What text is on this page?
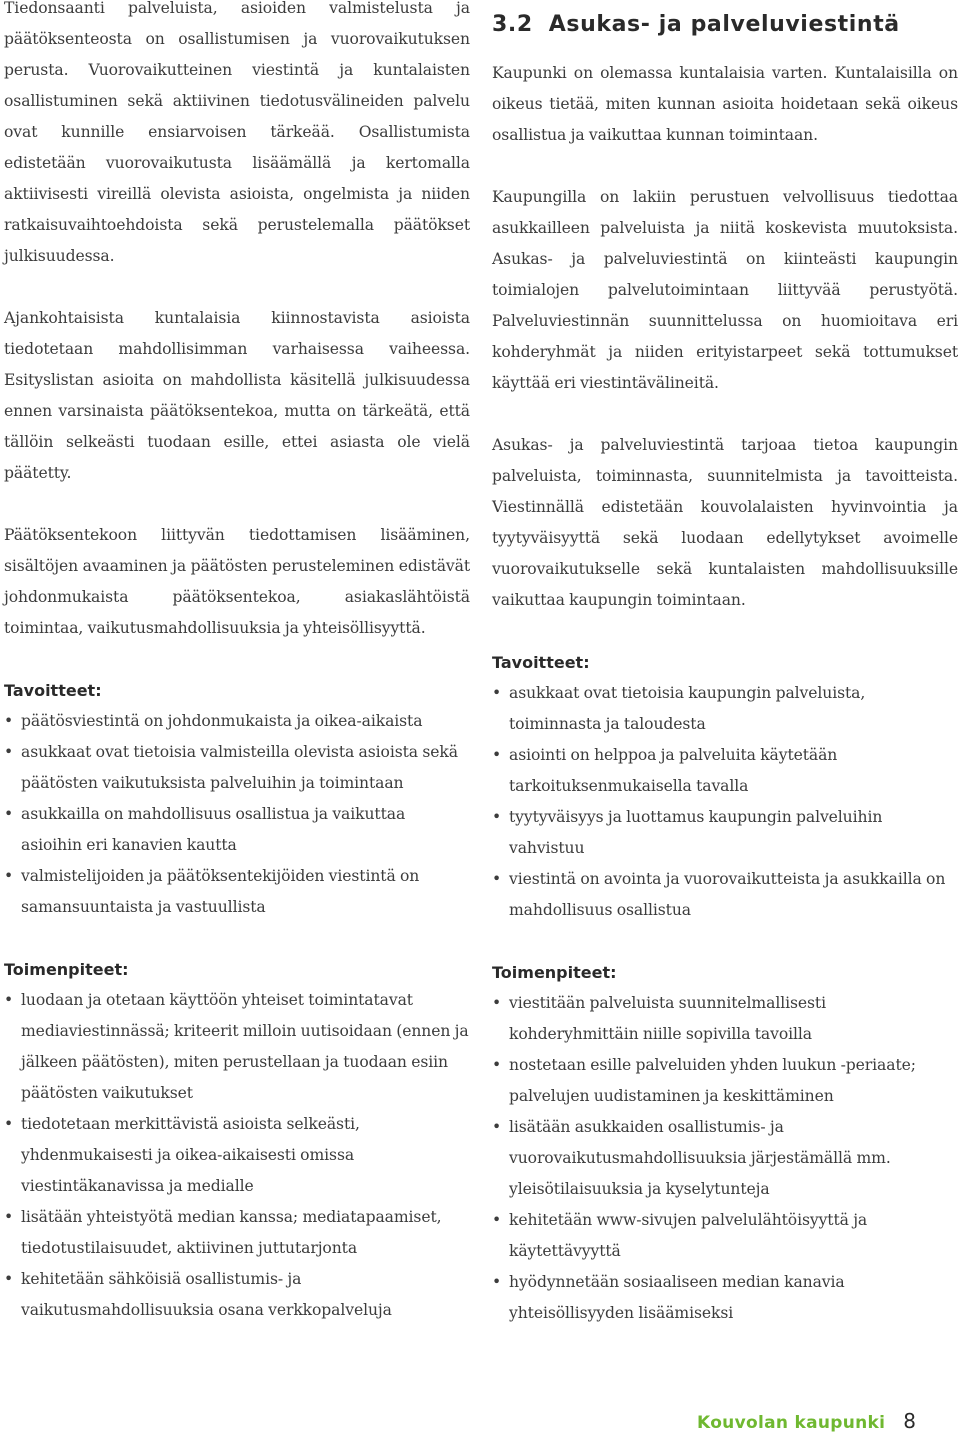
Tiedonsaanti palveluista, asioiden valmistelusta ja päätöksenteosta on osallistumisen ja vuorovaikutuksen perusta. Vuorovaikutteinen viestintä ja kuntalaisten osallistuminen sekä aktiivinen tiedotusvälineiden palvelu ovat kunnille ensiarvoisen tärkeää. Osallistumista edistetään vuorovaikutusta lisäämällä ja kertomalla aktiivisesti vireillä olevista asioista, ongelmista ja niiden ratkaisuvaihtoehdoista sekä perustelemalla päätökset julkisuudessa.

Ajankohtaisista kuntalaisia kiinnostavista asioista tiedotetaan mahdollisimman varhaisessa vaiheessa. Esityslistan asioita on mahdollista käsitellä julkisuudessa ennen varsinaista päätöksentekoa, mutta on tärkeätä, että tällöin selkeästi tuodaan esille, ettei asiasta ole vielä päätetty.

Päätöksentekoon liittyvän tiedottamisen lisääminen, sisältöjen avaaminen ja päätösten perusteleminen edistävät johdonmukaista päätöksentekoa, asiakaslähtöistä toimintaa, vaikutusmahdollisuuksia ja yhteisöllisyyttä.

Tavoitteet:
• päätösviestintä on johdonmukaista ja oikea-aikaista
• asukkaat ovat tietoisia valmisteilla olevista asioista sekä päätösten vaikutuksista palveluihin ja toimintaan
• asukkailla on mahdollisuus osallistua ja vaikuttaa asioihin eri kanavien kautta
• valmistelijoiden ja päätöksentekijöiden viestintä on samansuuntaista ja vastuullista
Toimenpiteet:
• luodaan ja otetaan käyttöön yhteiset toimintatavat mediaviestinnässä; kriteerit milloin uutisoidaan (ennen ja jälkeen päätösten), miten perustellaan ja tuodaan esiin päätösten vaikutukset
• tiedotetaan merkittävistä asioista selkeästi, yhdenmukaisesti ja oikea-aikaisesti omissa viestintäkanavissa ja medialle
• lisätään yhteistyötä median kanssa; mediatapaamiset, tiedotustilaisuudet, aktiivinen juttutarjonta
• kehitetään sähköisiä osallistumis- ja vaikutusmahdollisuuksia osana verkkopalveluja
3.2 Asukas- ja palveluviestintä

Kaupunki on olemassa kuntalaisia varten. Kuntalaisilla on oikeus tietää, miten kunnan asioita hoidetaan sekä oikeus osallistua ja vaikuttaa kunnan toimintaan.

Kaupungilla on lakiin perustuen velvollisuus tiedottaa asukkailleen palveluista ja niitä koskevista muutoksista. Asukas- ja palveluviestintä on kiinteästi kaupungin toimialojen palvelutoimintaan liittyvää perustyötä. Palveluviestinnän suunnittelussa on huomioitava eri kohderyhmät ja niiden erityistarpeet sekä tottumukset käyttää eri viestintävälineitä.

Asukas- ja palveluviestintä tarjoaa tietoa kaupungin palveluista, toiminnasta, suunnitelmista ja tavoitteista. Viestinnällä edistetään kouvolalaisten hyvinvointia ja tyytyväisyyttä sekä luodaan edellytykset avoimelle vuorovaikutukselle sekä kuntalaisten mahdollisuuksille vaikuttaa kaupungin toimintaan.

Tavoitteet:
• asukkaat ovat tietoisia kaupungin palveluista, toiminnasta ja taloudesta
• asiointi on helppoa ja palveluita käytetään tarkoituksenmukaisella tavalla
• tyytyväisyys ja luottamus kaupungin palveluihin vahvistuu
• viestintä on avointa ja vuorovaikutteista ja asukkailla on mahdollisuus osallistua
Toimenpiteet:
• viestitään palveluista suunnitelmallisesti kohderyhmittäin niille sopivilla tavoilla
• nostetaan esille palveluiden yhden luukun -periaate; palvelujen uudistaminen ja keskittäminen
• lisätään asukkaiden osallistumis- ja vuorovaikutusmahdollisuuksia järjestämällä mm. yleisötilaisuuksia ja kyselytunteja
• kehitetään www-sivujen palvelulähtöisyyttä ja käytettävyyttä
• hyödynnetään sosiaaliseen median kanavia yhteisöllisyyden lisäämiseksi
Kouvolan kaupunki 8
